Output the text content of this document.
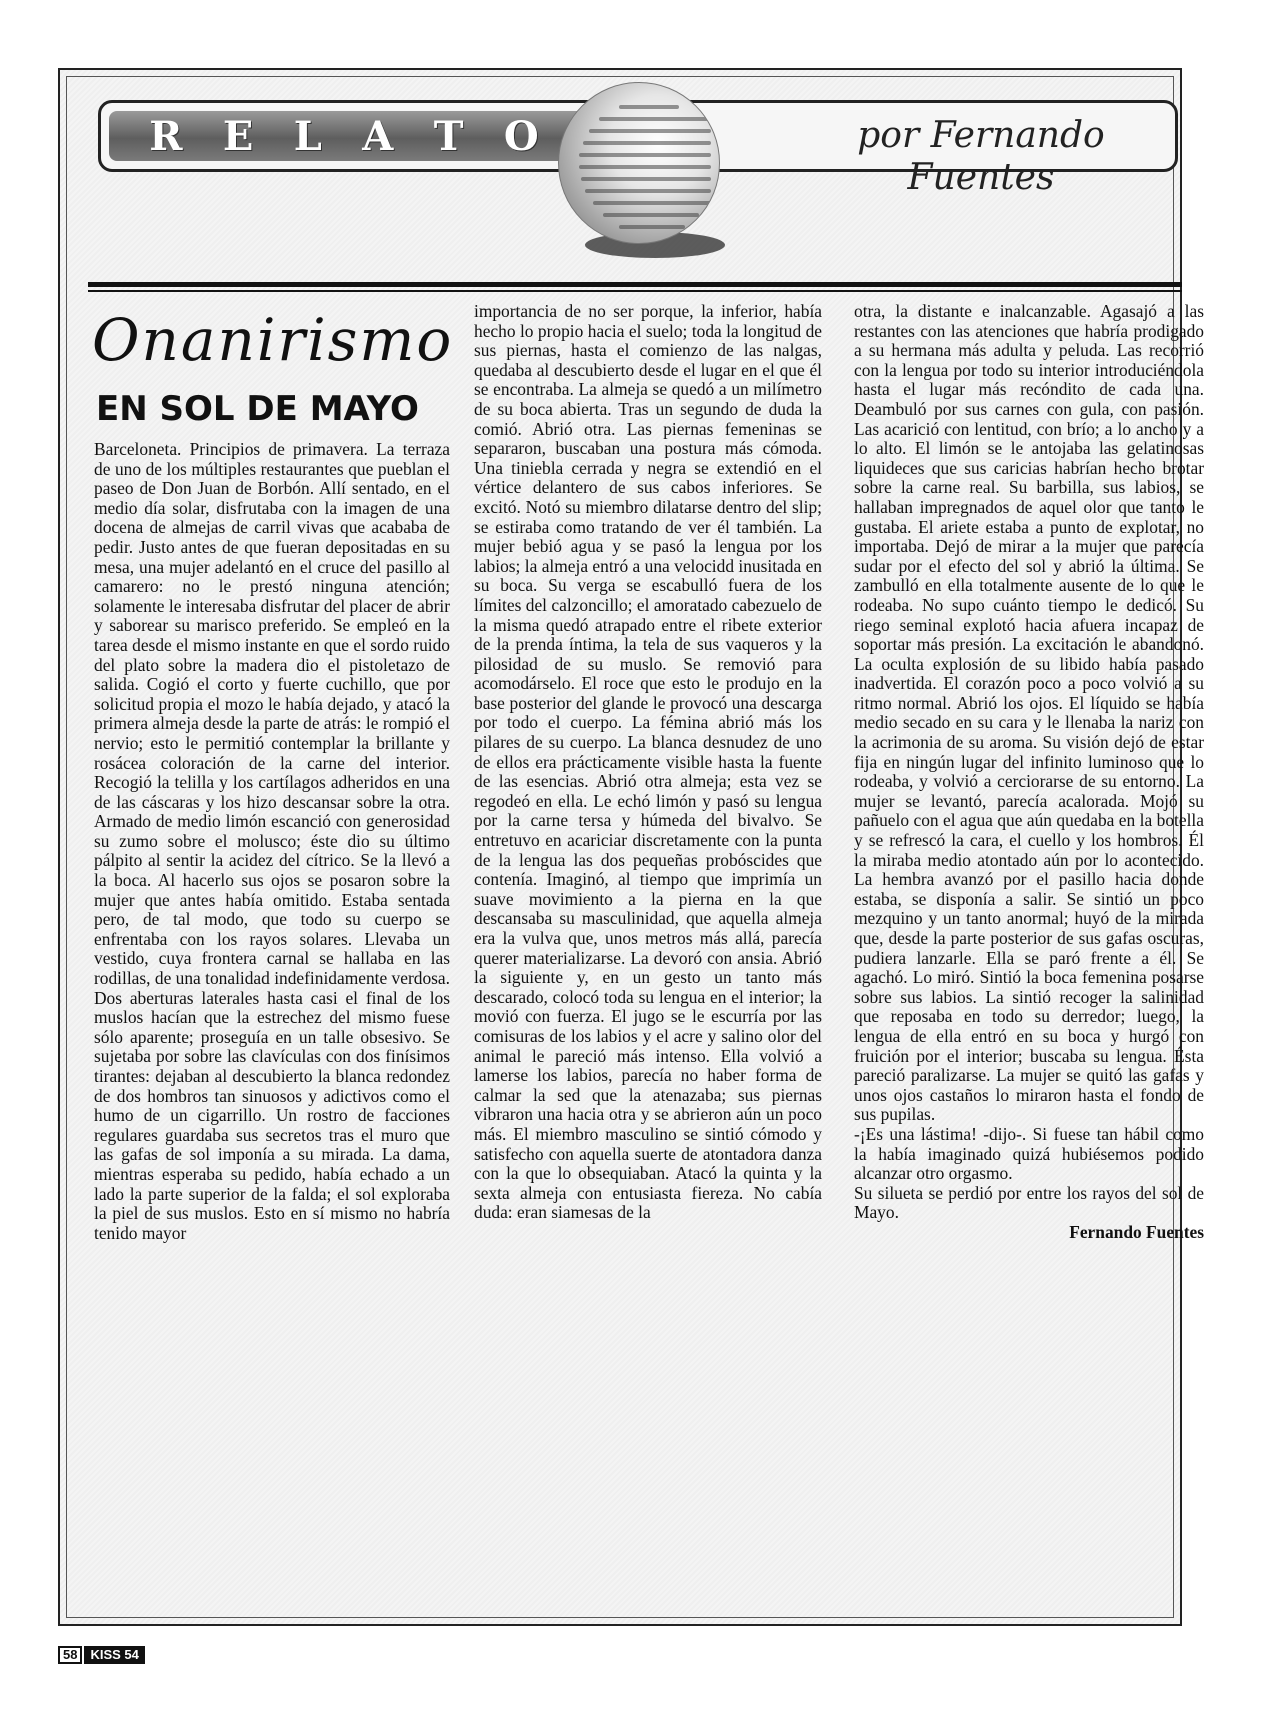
R E L A T O	por Fernando Fuentes
Onanirismo
EN SOL DE MAYO

Barceloneta. Principios de primavera. La terraza de uno de los múltiples restaurantes que pueblan el paseo de Don Juan de Borbón. Allí sentado, en el medio día solar, disfrutaba con la imagen de una docena de almejas de carril vivas que acababa de pedir. Justo antes de que fueran depositadas en su mesa, una mujer adelantó en el cruce del pasillo al camarero: no le prestó ninguna atención; solamente le interesaba disfrutar del placer de abrir y saborear su marisco preferido. Se empleó en la tarea desde el mismo instante en que el sordo ruido del plato sobre la madera dio el pistoletazo de salida. Cogió el corto y fuerte cuchillo, que por solicitud propia el mozo le había dejado, y atacó la primera almeja desde la parte de atrás: le rompió el nervio; esto le permitió contemplar la brillante y rosácea coloración de la carne del interior. Recogió la telilla y los cartílagos adheridos en una de las cáscaras y los hizo descansar sobre la otra. Armado de medio limón escanció con generosidad su zumo sobre el molusco; éste dio su último pálpito al sentir la acidez del cítrico. Se la llevó a la boca. Al hacerlo sus ojos se posaron sobre la mujer que antes había omitido. Estaba sentada pero, de tal modo, que todo su cuerpo se enfrentaba con los rayos solares. Llevaba un vestido, cuya frontera carnal se hallaba en las rodillas, de una tonalidad indefinidamente verdosa. Dos aberturas laterales hasta casi el final de los muslos hacían que la estrechez del mismo fuese sólo aparente; proseguía en un talle obsesivo. Se sujetaba por sobre las clavículas con dos finísimos tirantes: dejaban al descubierto la blanca redondez de dos hombros tan sinuosos y adictivos como el humo de un cigarrillo. Un rostro de facciones regulares guardaba sus secretos tras el muro que las gafas de sol imponía a su mirada. La dama, mientras esperaba su pedido, había echado a un lado la parte superior de la falda; el sol exploraba la piel de sus muslos. Esto en sí mismo no habría tenido mayor

importancia de no ser porque, la inferior, había hecho lo propio hacia el suelo; toda la longitud de sus piernas, hasta el comienzo de las nalgas, quedaba al descubierto desde el lugar en el que él se encontraba. La almeja se quedó a un milímetro de su boca abierta. Tras un segundo de duda la comió. Abrió otra. Las piernas femeninas se separaron, buscaban una postura más cómoda. Una tiniebla cerrada y negra se extendió en el vértice delantero de sus cabos inferiores. Se excitó. Notó su miembro dilatarse dentro del slip; se estiraba como tratando de ver él también. La mujer bebió agua y se pasó la lengua por los labios; la almeja entró a una velocidd inusitada en su boca. Su verga se escabulló fuera de los límites del calzoncillo; el amoratado cabezuelo de la misma quedó atrapado entre el ribete exterior de la prenda íntima, la tela de sus vaqueros y la pilosidad de su muslo. Se removió para acomodárselo. El roce que esto le produjo en la base posterior del glande le provocó una descarga por todo el cuerpo. La fémina abrió más los pilares de su cuerpo. La blanca desnudez de uno de ellos era prácticamente visible hasta la fuente de las esencias. Abrió otra almeja; esta vez se regodeó en ella. Le echó limón y pasó su lengua por la carne tersa y húmeda del bivalvo. Se entretuvo en acariciar discretamente con la punta de la lengua las dos pequeñas probóscides que contenía. Imaginó, al tiempo que imprimía un suave movimiento a la pierna en la que descansaba su masculinidad, que aquella almeja era la vulva que, unos metros más allá, parecía querer materializarse. La devoró con ansia. Abrió la siguiente y, en un gesto un tanto más descarado, colocó toda su lengua en el interior; la movió con fuerza. El jugo se le escurría por las comisuras de los labios y el acre y salino olor del animal le pareció más intenso. Ella volvió a lamerse los labios, parecía no haber forma de calmar la sed que la atenazaba; sus piernas vibraron una hacia otra y se abrieron aún un poco más. El miembro masculino se sintió cómodo y satisfecho con aquella suerte de atontadora danza con la que lo obsequiaban. Atacó la quinta y la sexta almeja con entusiasta fiereza. No cabía duda: eran siamesas de la

otra, la distante e inalcanzable. Agasajó a las restantes con las atenciones que habría prodigado a su hermana más adulta y peluda. Las recorrió con la lengua por todo su interior introduciéndola hasta el lugar más recóndito de cada una. Deambuló por sus carnes con gula, con pasión. Las acarició con lentitud, con brío; a lo ancho y a lo alto. El limón se le antojaba las gelatinosas liquideces que sus caricias habrían hecho brotar sobre la carne real. Su barbilla, sus labios, se hallaban impregnados de aquel olor que tanto le gustaba. El ariete estaba a punto de explotar, no importaba. Dejó de mirar a la mujer que parecía sudar por el efecto del sol y abrió la última. Se zambulló en ella totalmente ausente de lo que le rodeaba. No supo cuánto tiempo le dedicó. Su riego seminal explotó hacia afuera incapaz de soportar más presión. La excitación le abandonó. La oculta explosión de su libido había pasado inadvertida. El corazón poco a poco volvió a su ritmo normal. Abrió los ojos. El líquido se había medio secado en su cara y le llenaba la nariz con la acrimonia de su aroma. Su visión dejó de estar fija en ningún lugar del infinito luminoso que lo rodeaba, y volvió a cerciorarse de su entorno. La mujer se levantó, parecía acalorada. Mojó su pañuelo con el agua que aún quedaba en la botella y se refrescó la cara, el cuello y los hombros. Él la miraba medio atontado aún por lo acontecido. La hembra avanzó por el pasillo hacia donde estaba, se disponía a salir. Se sintió un poco mezquino y un tanto anormal; huyó de la mirada que, desde la parte posterior de sus gafas oscuras, pudiera lanzarle. Ella se paró frente a él. Se agachó. Lo miró. Sintió la boca femenina posarse sobre sus labios. La sintió recoger la salinidad que reposaba en todo su derredor; luego, la lengua de ella entró en su boca y hurgó con fruición por el interior; buscaba su lengua. Ésta pareció paralizarse. La mujer se quitó las gafas y unos ojos castaños lo miraron hasta el fondo de sus pupilas.

-¡Es una lástima! -dijo-. Si fuese tan hábil como la había imaginado quizá hubiésemos podido alcanzar otro orgasmo.

Su silueta se perdió por entre los rayos del sol de Mayo.

Fernando Fuentes

58	KISS 54
